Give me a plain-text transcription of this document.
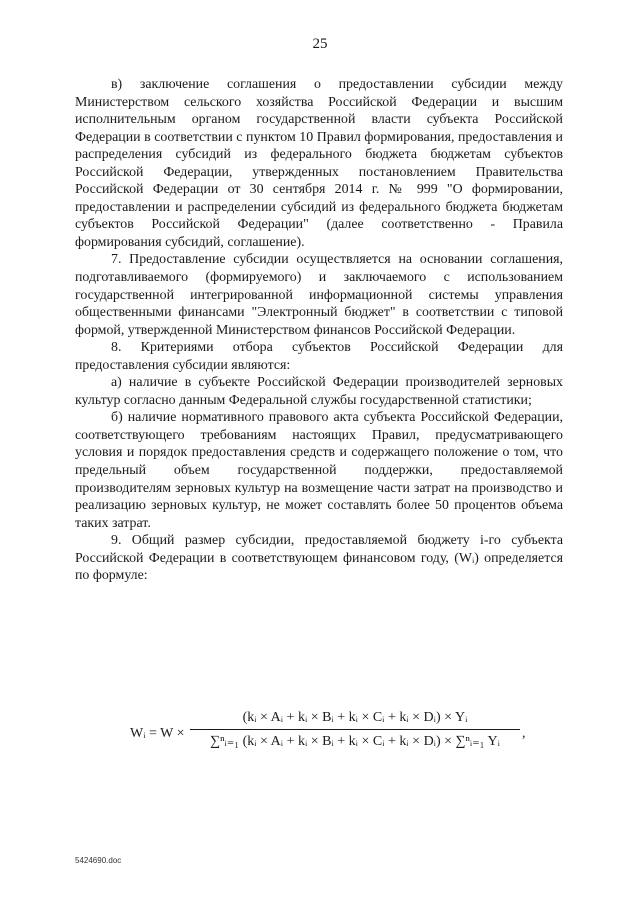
25

в) заключение соглашения о предоставлении субсидии между Министерством сельского хозяйства Российской Федерации и высшим исполнительным органом государственной власти субъекта Российской Федерации в соответствии с пунктом 10 Правил формирования, предоставления и распределения субсидий из федерального бюджета бюджетам субъектов Российской Федерации, утвержденных постановлением Правительства Российской Федерации от 30 сентября 2014 г. № 999 "О формировании, предоставлении и распределении субсидий из федерального бюджета бюджетам субъектов Российской Федерации" (далее соответственно - Правила формирования субсидий, соглашение).

7. Предоставление субсидии осуществляется на основании соглашения, подготавливаемого (формируемого) и заключаемого с использованием государственной интегрированной информационной системы управления общественными финансами "Электронный бюджет" в соответствии с типовой формой, утвержденной Министерством финансов Российской Федерации.

8. Критериями отбора субъектов Российской Федерации для предоставления субсидии являются:

а) наличие в субъекте Российской Федерации производителей зерновых культур согласно данным Федеральной службы государственной статистики;

б) наличие нормативного правового акта субъекта Российской Федерации, соответствующего требованиям настоящих Правил, предусматривающего условия и порядок предоставления средств и содержащего положение о том, что предельный объем государственной поддержки, предоставляемой производителям зерновых культур на возмещение части затрат на производство и реализацию зерновых культур, не может составлять более 50 процентов объема таких затрат.

9. Общий размер субсидии, предоставляемой бюджету i-го субъекта Российской Федерации в соответствующем финансовом году, (Wᵢ) определяется по формуле:

Wᵢ = $W \times \frac{\text{(kᵢ × Aᵢ + kᵢ × Bᵢ + kᵢ × Cᵢ + kᵢ × Dᵢ) × Yᵢ}}{\text{∑ⁿᵢ₌₁ (kᵢ × Aᵢ + kᵢ × Bᵢ + kᵢ × Cᵢ + kᵢ × Dᵢ) × ∑ⁿᵢ₌₁ Yᵢ}}$ ,
5424690.doc
